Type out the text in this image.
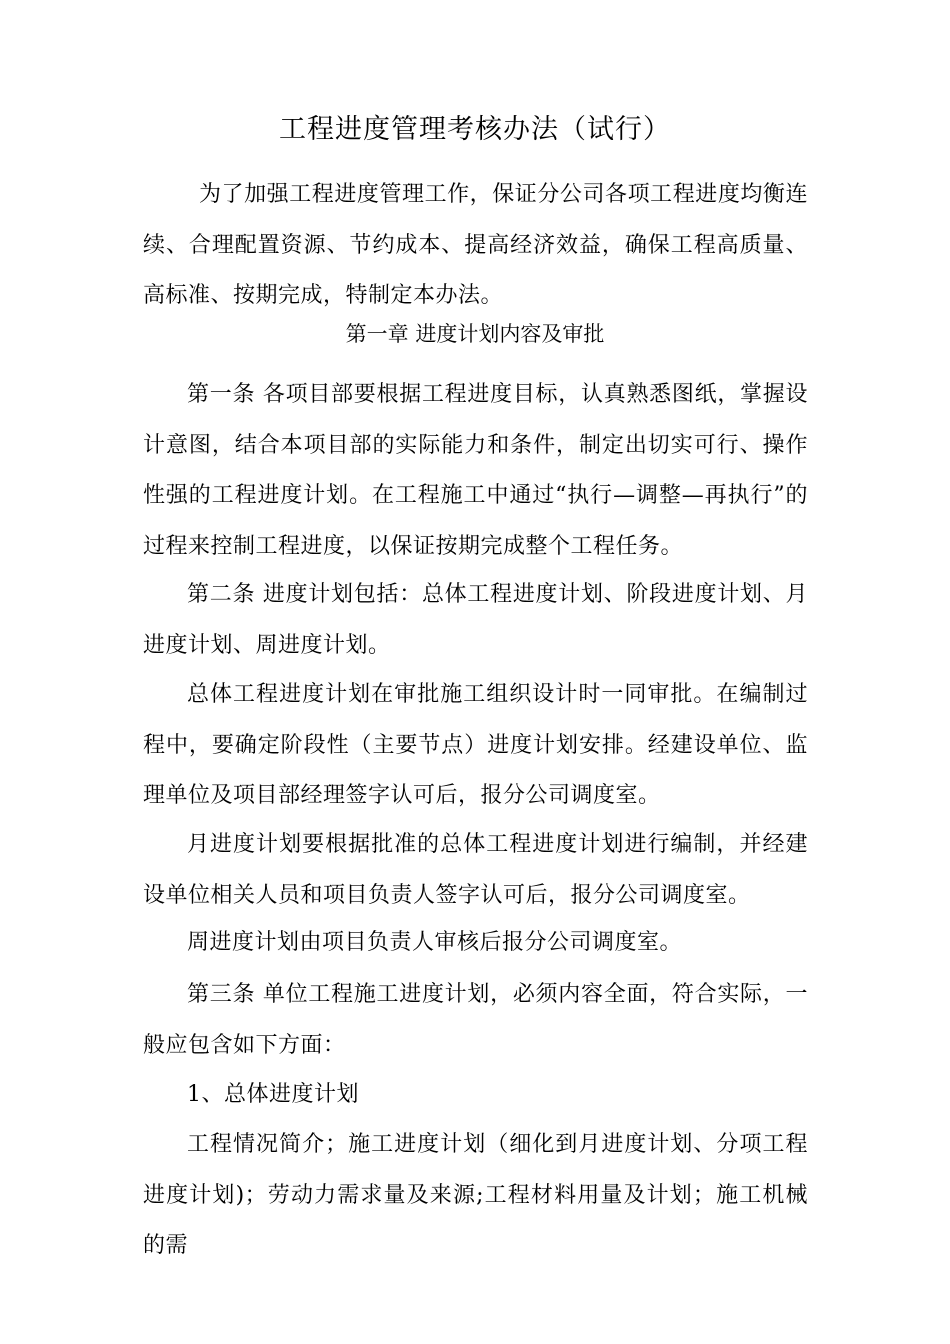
工程进度管理考核办法（试行）

为了加强工程进度管理工作，保证分公司各项工程进度均衡连续、合理配置资源、节约成本、提高经济效益，确保工程高质量、高标准、按期完成，特制定本办法。

第一章 进度计划内容及审批

第一条 各项目部要根据工程进度目标，认真熟悉图纸，掌握设计意图，结合本项目部的实际能力和条件，制定出切实可行、操作性强的工程进度计划。在工程施工中通过“执行—调整—再执行”的过程来控制工程进度，以保证按期完成整个工程任务。

第二条 进度计划包括：总体工程进度计划、阶段进度计划、月进度计划、周进度计划。

总体工程进度计划在审批施工组织设计时一同审批。在编制过程中，要确定阶段性（主要节点）进度计划安排。经建设单位、监理单位及项目部经理签字认可后，报分公司调度室。

月进度计划要根据批准的总体工程进度计划进行编制，并经建设单位相关人员和项目负责人签字认可后，报分公司调度室。

周进度计划由项目负责人审核后报分公司调度室。

第三条 单位工程施工进度计划，必须内容全面，符合实际，一般应包含如下方面：

1、总体进度计划

工程情况简介；施工进度计划（细化到月进度计划、分项工程进度计划)；劳动力需求量及来源;工程材料用量及计划；施工机械的需
